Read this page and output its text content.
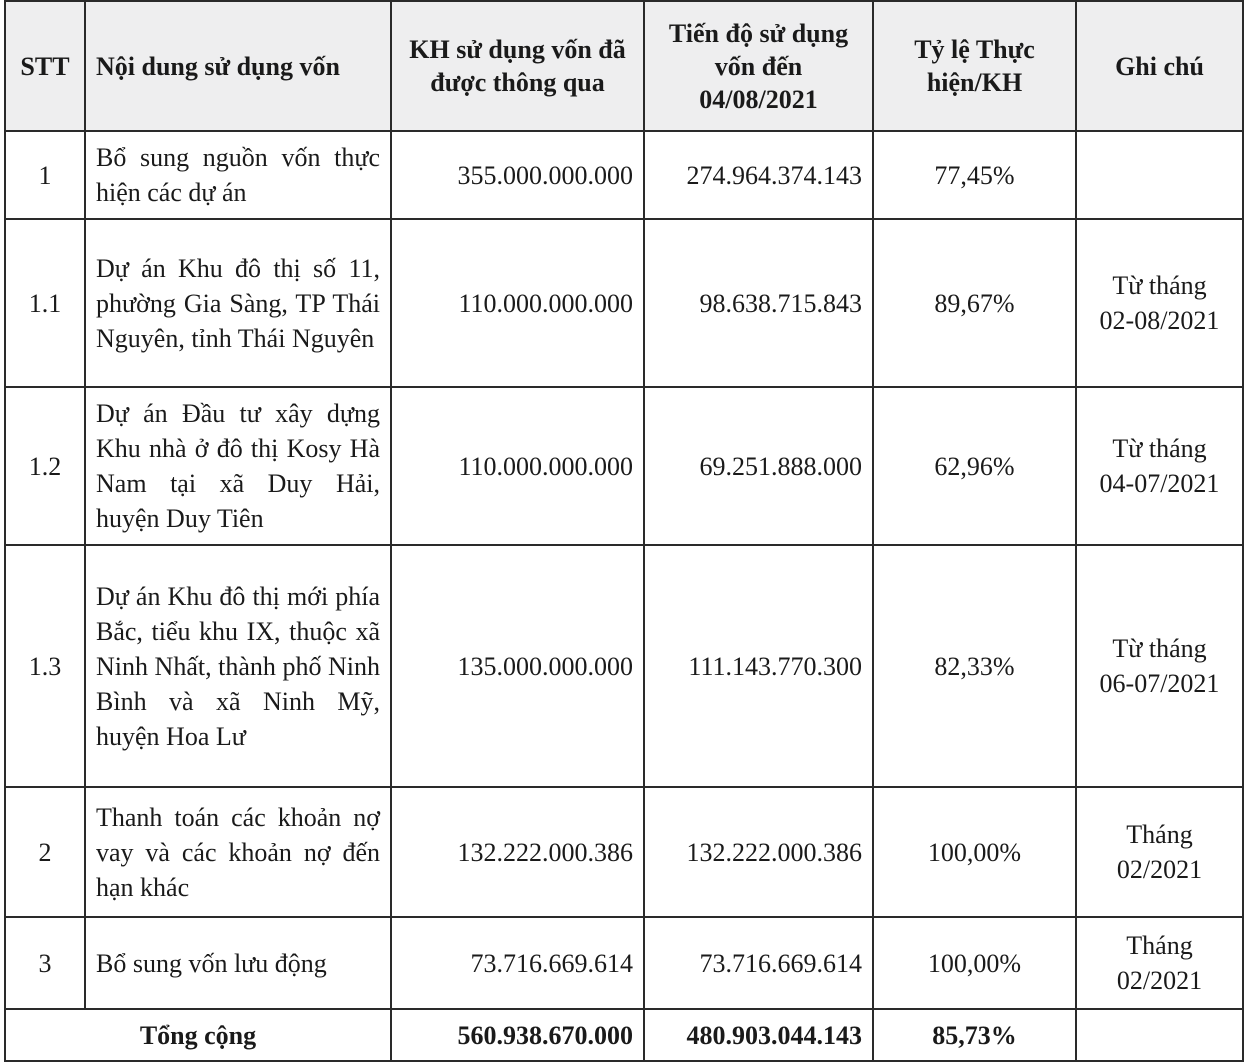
STT	Nội dung sử dụng vốn	KH sử dụng vốn đã được thông qua	Tiến độ sử dụng vốn đến 04/08/2021	Tỷ lệ Thực hiện/KH	Ghi chú
1	Bổ sung nguồn vốn thực hiện các dự án	355.000.000.000	274.964.374.143	77,45%	
1.1	Dự án Khu đô thị số 11, phường Gia Sàng, TP Thái Nguyên, tỉnh Thái Nguyên	110.000.000.000	98.638.715.843	89,67%	Từ tháng
02-08/2021
1.2	Dự án Đầu tư xây dựng Khu nhà ở đô thị Kosy Hà Nam tại xã Duy Hải, huyện Duy Tiên	110.000.000.000	69.251.888.000	62,96%	Từ tháng
04-07/2021
1.3	Dự án Khu đô thị mới phía Bắc, tiểu khu IX, thuộc xã Ninh Nhất, thành phố Ninh Bình và xã Ninh Mỹ, huyện Hoa Lư	135.000.000.000	111.143.770.300	82,33%	Từ tháng
06-07/2021
2	Thanh toán các khoản nợ vay và các khoản nợ đến hạn khác	132.222.000.386	132.222.000.386	100,00%	Tháng
02/2021
3	Bổ sung vốn lưu động	73.716.669.614	73.716.669.614	100,00%	Tháng
02/2021
Tổng cộng		560.938.670.000	480.903.044.143	85,73%	
